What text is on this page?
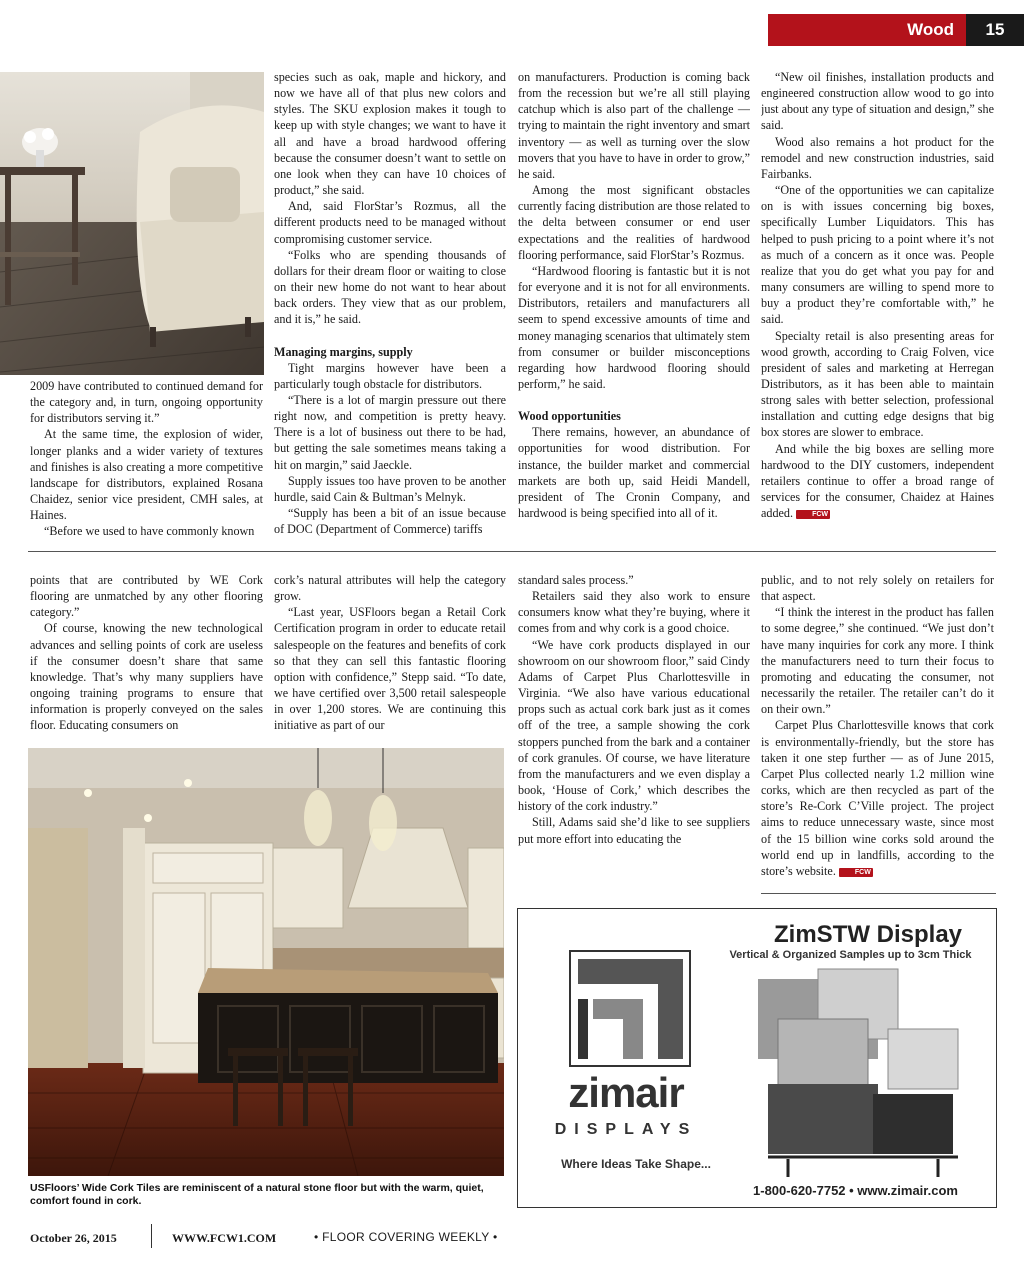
Wood	15

2009 have contributed to continued demand for the category and, in turn, ongoing opportunity for distributors serving it.”

At the same time, the explosion of wider, longer planks and a wider variety of textures and finishes is also creating a more competitive landscape for distributors, explained Rosana Chaidez, senior vice president, CMH sales, at Haines.

“Before we used to have commonly known

species such as oak, maple and hickory, and now we have all of that plus new colors and styles. The SKU explosion makes it tough to keep up with style changes; we want to have it all and have a broad hardwood offering because the consumer doesn’t want to settle on one look when they can have 10 choices of product,” she said.

And, said FlorStar’s Rozmus, all the different products need to be managed without compromising customer service.

“Folks who are spending thousands of dollars for their dream floor or waiting to close on their new home do not want to hear about back orders. They view that as our problem, and it is,” he said.

Managing margins, supply

Tight margins however have been a particularly tough obstacle for distributors.

“There is a lot of margin pressure out there right now, and competition is pretty heavy. There is a lot of business out there to be had, but getting the sale sometimes means taking a hit on margin,” said Jaeckle.

Supply issues too have proven to be another hurdle, said Cain & Bultman’s Melnyk.

“Supply has been a bit of an issue because of DOC (Department of Commerce) tariffs

on manufacturers. Production is coming back from the recession but we’re all still playing catchup which is also part of the challenge — trying to maintain the right inventory and smart inventory — as well as turning over the slow movers that you have to have in order to grow,” he said.

Among the most significant obstacles currently facing distribution are those related to the delta between consumer or end user expectations and the realities of hardwood flooring performance, said FlorStar’s Rozmus.

“Hardwood flooring is fantastic but it is not for everyone and it is not for all environments. Distributors, retailers and manufacturers all seem to spend excessive amounts of time and money managing scenarios that ultimately stem from consumer or builder misconceptions regarding how hardwood flooring should perform,” he said.

Wood opportunities

There remains, however, an abundance of opportunities for wood distribution. For instance, the builder market and commercial markets are both up, said Heidi Mandell, president of The Cronin Company, and hardwood is being specified into all of it.

“New oil finishes, installation products and engineered construction allow wood to go into just about any type of situation and design,” she said.

Wood also remains a hot product for the remodel and new construction industries, said Fairbanks.

“One of the opportunities we can capitalize on is with issues concerning big boxes, specifically Lumber Liquidators. This has helped to push pricing to a point where it’s not as much of a concern as it once was. People realize that you do get what you pay for and many consumers are willing to spend more to buy a product they’re comfortable with,” he said.

Specialty retail is also presenting areas for wood growth, according to Craig Folven, vice president of sales and marketing at Herregan Distributors, as it has been able to maintain strong sales with better selection, professional installation and cutting edge designs that big box stores are slower to embrace.

And while the big boxes are selling more hardwood to the DIY customers, independent retailers continue to offer a broad range of services for the consumer, Chaidez at Haines added.	FCW

points that are contributed by WE Cork flooring are unmatched by any other flooring category.”

Of course, knowing the new technological advances and selling points of cork are useless if the consumer doesn’t share that same knowledge. That’s why many suppliers have ongoing training programs to ensure that information is properly conveyed on the sales floor. Educating consumers on

cork’s natural attributes will help the category grow.

“Last year, USFloors began a Retail Cork Certification program in order to educate retail salespeople on the features and benefits of cork so that they can sell this fantastic flooring option with confidence,” Stepp said. “To date, we have certified over 3,500 retail salespeople in over 1,200 stores. We are continuing this initiative as part of our

standard sales process.”

Retailers said they also work to ensure consumers know what they’re buying, where it comes from and why cork is a good choice.

“We have cork products displayed in our showroom on our showroom floor,” said Cindy Adams of Carpet Plus Charlottesville in Virginia. “We also have various educational props such as actual cork bark just as it comes off of the tree, a sample showing the cork stoppers punched from the bark and a container of cork granules. Of course, we have literature from the manufacturers and we even display a book, ‘House of Cork,’ which describes the history of the cork industry.”

Still, Adams said she’d like to see suppliers put more effort into educating the

public, and to not rely solely on retailers for that aspect.

“I think the interest in the product has fallen to some degree,” she continued. “We just don’t have many inquiries for cork any more. I think the manufacturers need to turn their focus to promoting and educating the consumer, not necessarily the retailer. The retailer can’t do it on their own.”

Carpet Plus Charlottesville knows that cork is environmentally-friendly, but the store has taken it one step further — as of June 2015, Carpet Plus collected nearly 1.2 million wine corks, which are then recycled as part of the store’s Re-Cork C’Ville project. The project aims to reduce unnecessary waste, since most of the 15 billion wine corks sold around the world end up in landfills, according to the store’s website.	FCW

USFloors’ Wide Cork Tiles are reminiscent of a natural stone floor but with the warm, quiet, comfort found in cork.
ZimSTW Display
Vertical & Organized Samples up to 3cm Thick
zimair
DISPLAYS
Where Ideas Take Shape...
1-800-620-7752 • www.zimair.com
October 26, 2015	WWW.FCW1.COM	• FLOOR COVERING WEEKLY •
